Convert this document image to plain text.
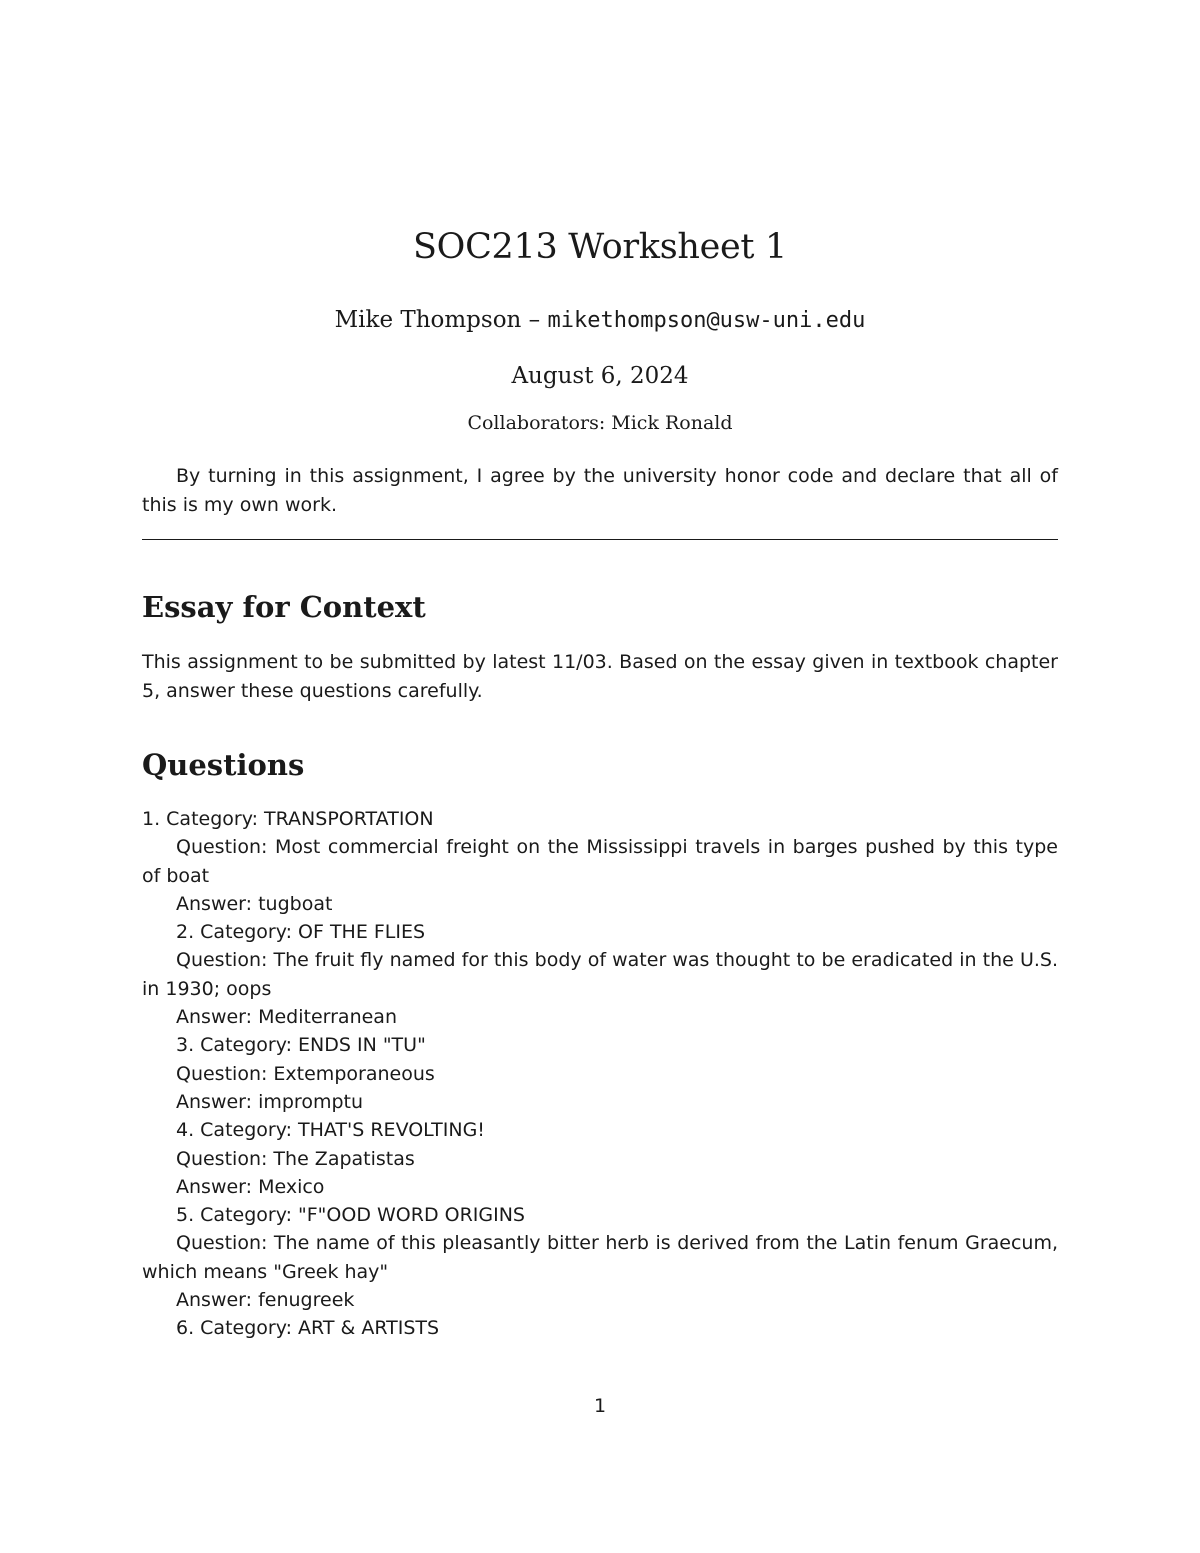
SOC213 Worksheet 1
Mike Thompson – mikethompson@usw-uni.edu
August 6, 2024
Collaborators: Mick Ronald
By turning in this assignment, I agree by the university honor code and declare that all of this is my own work.
Essay for Context
This assignment to be submitted by latest 11/03. Based on the essay given in textbook chapter 5, answer these questions carefully.
Questions

1. Category: TRANSPORTATION

Question: Most commercial freight on the Mississippi travels in barges pushed by this type of boat

Answer: tugboat

2. Category: OF THE FLIES

Question: The fruit fly named for this body of water was thought to be eradicated in the U.S. in 1930; oops

Answer: Mediterranean

3. Category: ENDS IN "TU"

Question: Extemporaneous

Answer: impromptu

4. Category: THAT'S REVOLTING!

Question: The Zapatistas

Answer: Mexico

5. Category: "F"OOD WORD ORIGINS

Question: The name of this pleasantly bitter herb is derived from the Latin fenum Graecum, which means "Greek hay"

Answer: fenugreek

6. Category: ART & ARTISTS

1
